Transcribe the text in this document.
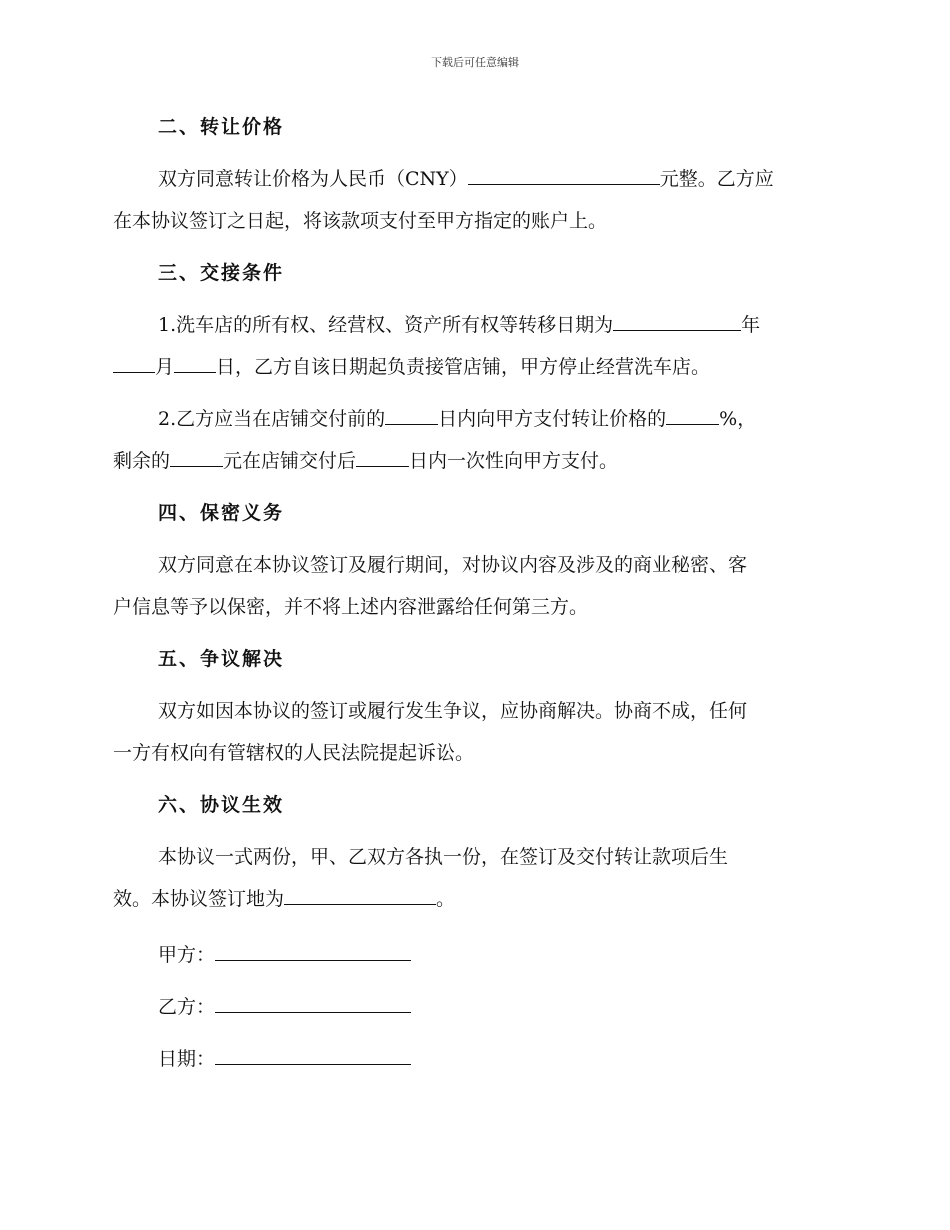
下载后可任意编辑
二、转让价格
双方同意转让价格为人民币（CNY）	元整。乙方应
在本协议签订之日起，将该款项支付至甲方指定的账户上。
三、交接条件
1.洗车店的所有权、经营权、资产所有权等转移日期为	年
月 日，乙方自该日期起负责接管店铺，甲方停止经营洗车店。
2.乙方应当在店铺交付前的	日内向甲方支付转让价格的	%，
剩余的	元在店铺交付后	日内一次性向甲方支付。
四、保密义务
双方同意在本协议签订及履行期间，对协议内容及涉及的商业秘密、客
户信息等予以保密，并不将上述内容泄露给任何第三方。
五、争议解决
双方如因本协议的签订或履行发生争议，应协商解决。协商不成，任何
一方有权向有管辖权的人民法院提起诉讼。
六、协议生效
本协议一式两份，甲、乙双方各执一份，在签订及交付转让款项后生
效。本协议签订地为	。
甲方：
乙方：
日期：
